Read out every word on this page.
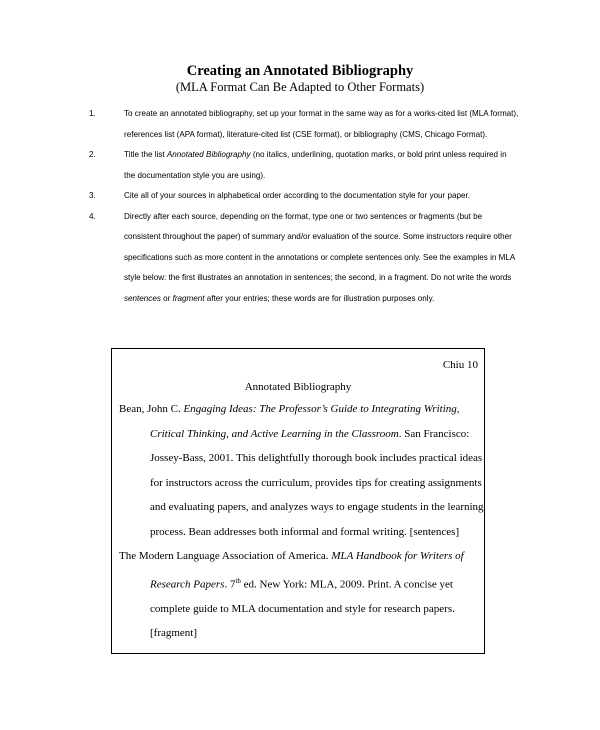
Creating an Annotated Bibliography
(MLA Format Can Be Adapted to Other Formats)
1.	To create an annotated bibliography, set up your format in the same way as for a works-cited list (MLA format), references list (APA format), literature-cited list (CSE format), or bibliography (CMS, Chicago Format).
2.	Title the list Annotated Bibliography (no italics, underlining, quotation marks, or bold print unless required in the documentation style you are using).
3.	Cite all of your sources in alphabetical order according to the documentation style for your paper.
4.	Directly after each source, depending on the format, type one or two sentences or fragments (but be consistent throughout the paper) of summary and/or evaluation of the source. Some instructors require other specifications such as more content in the annotations or complete sentences only. See the examples in MLA style below: the first illustrates an annotation in sentences; the second, in a fragment. Do not write the words sentences or fragment after your entries; these words are for illustration purposes only.
Chiu 10
Annotated Bibliography
Bean, John C. Engaging Ideas: The Professor’s Guide to Integrating Writing,
Critical Thinking, and Active Learning in the Classroom. San Francisco:
Jossey-Bass, 2001. This delightfully thorough book includes practical ideas
for instructors across the curriculum, provides tips for creating assignments
and evaluating papers, and analyzes ways to engage students in the learning
process. Bean addresses both informal and formal writing. [sentences]
The Modern Language Association of America. MLA Handbook for Writers of
Research Papers. 7th ed. New York: MLA, 2009. Print. A concise yet
complete guide to MLA documentation and style for research papers.
[fragment]
